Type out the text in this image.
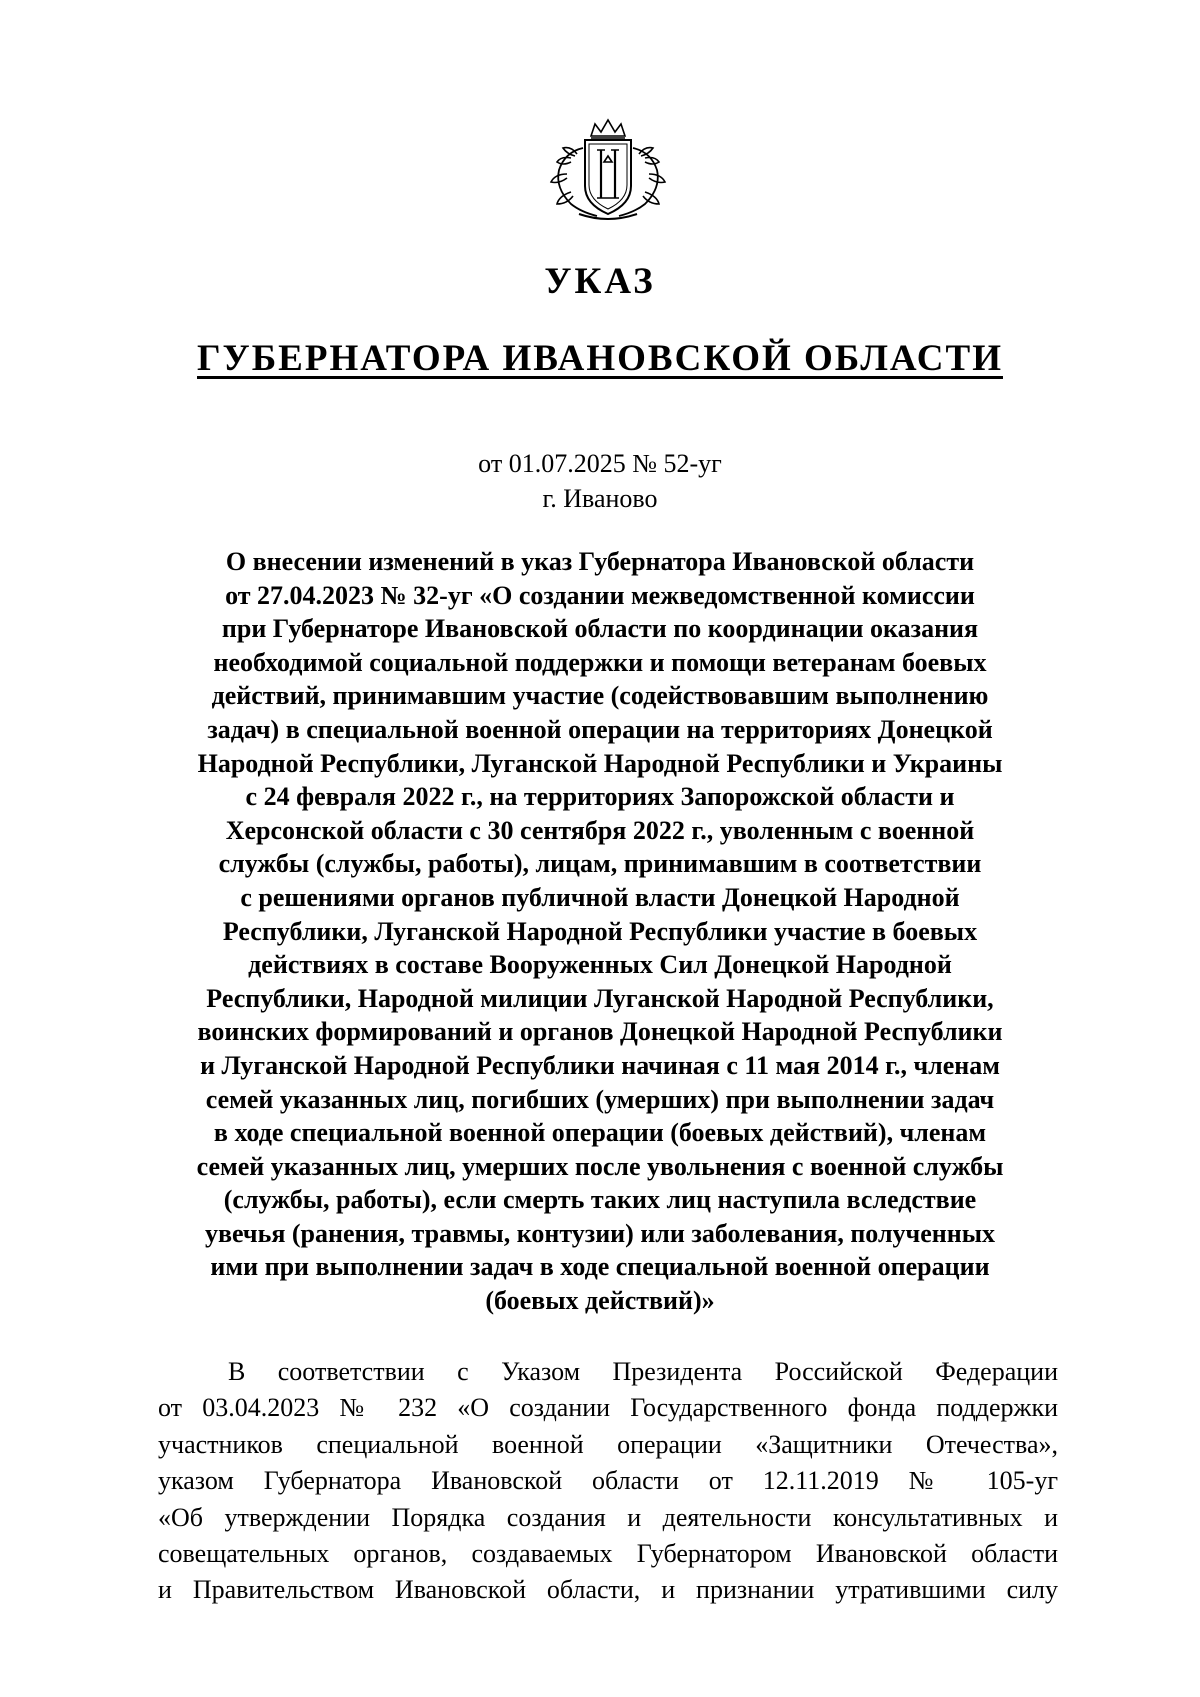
УКАЗ
ГУБЕРНАТОРА ИВАНОВСКОЙ ОБЛАСТИ
от 01.07.2025 № 52-уг
г. Иваново
О внесении изменений в указ Губернатора Ивановской области
от 27.04.2023 № 32-уг «О создании межведомственной комиссии
при Губернаторе Ивановской области по координации оказания
необходимой социальной поддержки и помощи ветеранам боевых
действий, принимавшим участие (содействовавшим выполнению
задач) в специальной военной операции на территориях Донецкой
Народной Республики, Луганской Народной Республики и Украины
с 24 февраля 2022 г., на территориях Запорожской области и
Херсонской области с 30 сентября 2022 г., уволенным с военной
службы (службы, работы), лицам, принимавшим в соответствии
с решениями органов публичной власти Донецкой Народной
Республики, Луганской Народной Республики участие в боевых
действиях в составе Вооруженных Сил Донецкой Народной
Республики, Народной милиции Луганской Народной Республики,
воинских формирований и органов Донецкой Народной Республики
и Луганской Народной Республики начиная с 11 мая 2014 г., членам
семей указанных лиц, погибших (умерших) при выполнении задач
в ходе специальной военной операции (боевых действий), членам
семей указанных лиц, умерших после увольнения с военной службы
(службы, работы), если смерть таких лиц наступила вследствие
увечья (ранения, травмы, контузии) или заболевания, полученных
ими при выполнении задач в ходе специальной военной операции
(боевых действий)»
В соответствии с Указом Президента Российской Федерации
от 03.04.2023 № 232 «О создании Государственного фонда поддержки
участников специальной военной операции «Защитники Отечества»,
указом Губернатора Ивановской области от 12.11.2019 № 105-уг
«Об утверждении Порядка создания и деятельности консультативных и
совещательных органов, создаваемых Губернатором Ивановской области
и Правительством Ивановской области, и признании утратившими силу
